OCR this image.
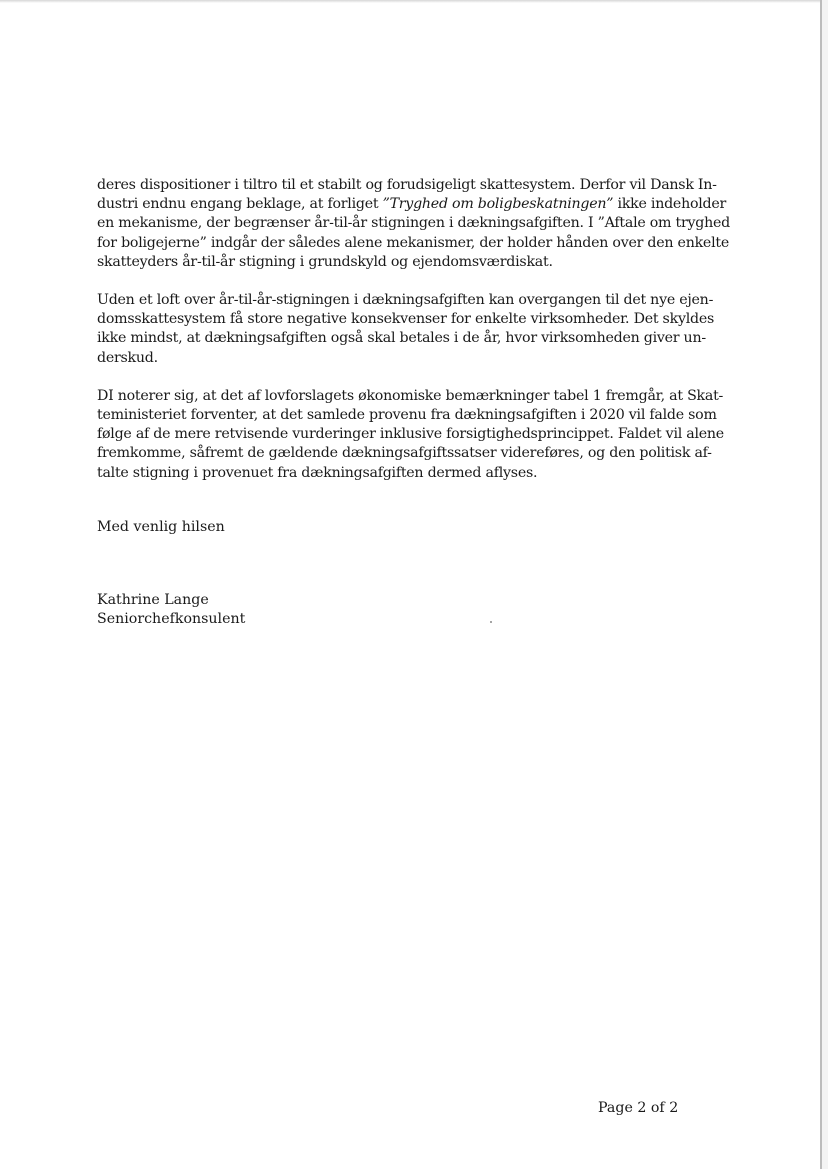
deres dispositioner i tiltro til et stabilt og forudsigeligt skattesystem. Derfor vil Dansk In-
dustri endnu engang beklage, at forliget ”Tryghed om boligbeskatningen” ikke indeholder
en mekanisme, der begrænser år-til-år stigningen i dækningsafgiften. I ”Aftale om tryghed
for boligejerne” indgår der således alene mekanismer, der holder hånden over den enkelte
skatteyders år-til-år stigning i grundskyld og ejendomsværdiskat.

Uden et loft over år-til-år-stigningen i dækningsafgiften kan overgangen til det nye ejen-
domsskattesystem få store negative konsekvenser for enkelte virksomheder. Det skyldes
ikke mindst, at dækningsafgiften også skal betales i de år, hvor virksomheden giver un-
derskud.

DI noterer sig, at det af lovforslagets økonomiske bemærkninger tabel 1 fremgår, at Skat-
teministeriet forventer, at det samlede provenu fra dækningsafgiften i 2020 vil falde som
følge af de mere retvisende vurderinger inklusive forsigtighedsprincippet. Faldet vil alene
fremkomme, såfremt de gældende dækningsafgiftssatser videreføres, og den politisk af-
talte stigning i provenuet fra dækningsafgiften dermed aflyses.

Med venlig hilsen
Kathrine Lange
Seniorchefkonsulent
Page 2 of 2
